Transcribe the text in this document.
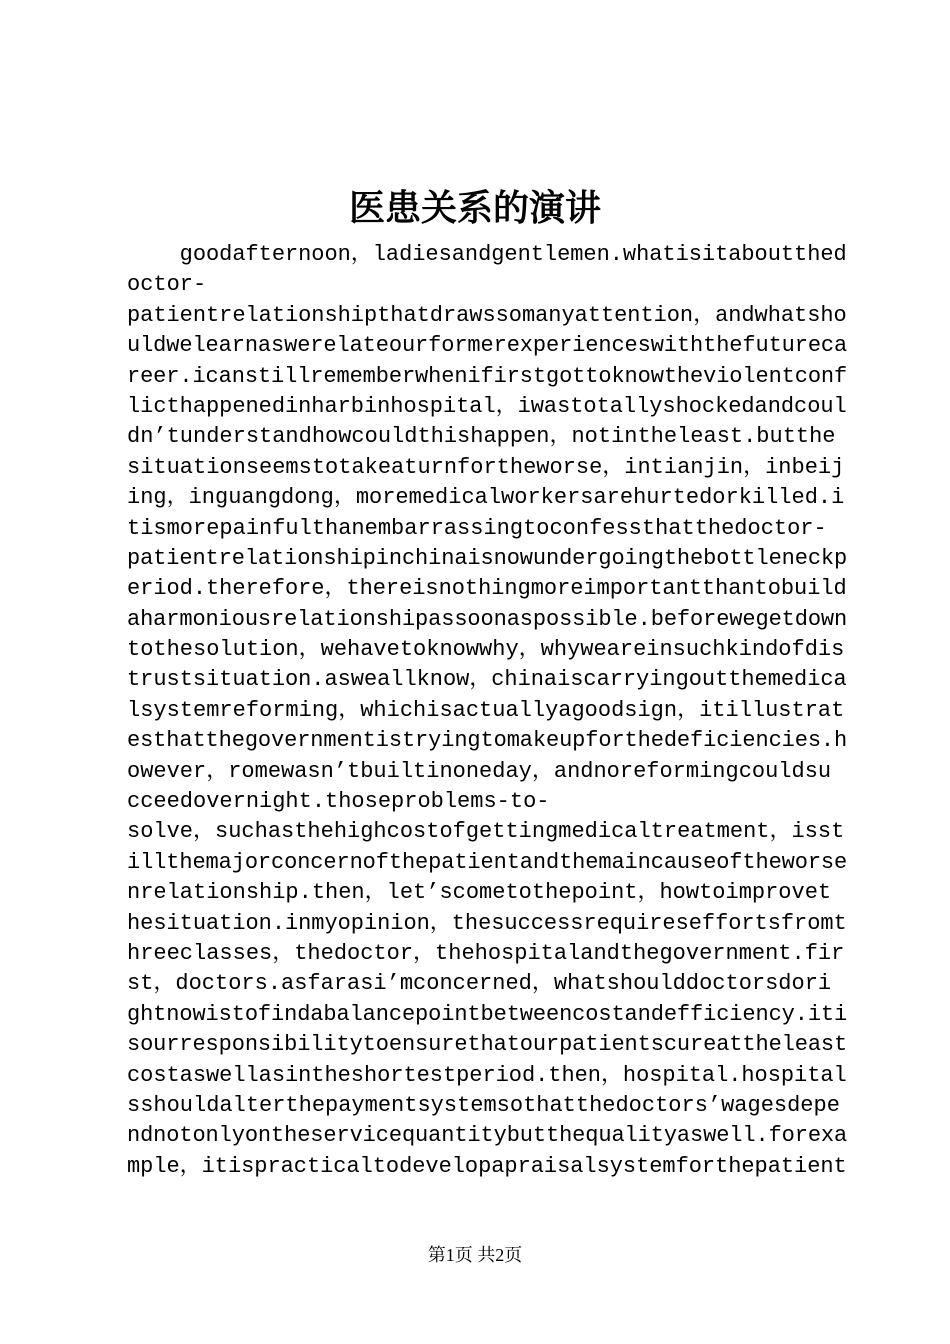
医患关系的演讲
goodafternoon，ladiesandgentlemen.whatisitaboutthed
octor-
patientrelationshipthatdrawssomanyattention，andwhatsho
uldwelearnaswerelateourformerexperienceswiththefutureca
reer.icanstillrememberwhenifirstgottoknowtheviolentconf
licthappenedinharbinhospital，iwastotallyshockedandcoul
dn’tunderstandhowcouldthishappen，notintheleast.butthe
situationseemstotakeaturnfortheworse，intianjin，inbeij
ing，inguangdong，moremedicalworkersarehurtedorkilled.i
tismorepainfulthanembarrassingtoconfessthatthedoctor-
patientrelationshipinchinaisnowundergoingthebottleneckp
eriod.therefore，thereisnothingmoreimportantthantobuild
aharmoniousrelationshipassoonaspossible.beforewegetdown
tothesolution，wehavetoknowwhy，whyweareinsuchkindofdis
trustsituation.asweallknow，chinaiscarryingoutthemedica
lsystemreforming，whichisactuallyagoodsign，itillustrat
esthatthegovernmentistryingtomakeupforthedeficiencies.h
owever，romewasn’tbuiltinoneday，andnoreformingcouldsu
cceedovernight.thoseproblems-to-
solve，suchasthehighcostofgettingmedicaltreatment，isst
illthemajorconcernofthepatientandthemaincauseoftheworse
nrelationship.then，let’scometothepoint，howtoimprovet
hesituation.inmyopinion，thesuccessrequireseffortsfromt
hreeclasses，thedoctor，thehospitalandthegovernment.fir
st，doctors.asfarasi’mconcerned，whatshoulddoctorsdori
ghtnowistofindabalancepointbetweencostandefficiency.iti
sourresponsibilitytoensurethatourpatientscureattheleast
costaswellasintheshortestperiod.then，hospital.hospital
sshouldalterthepaymentsystemsothatthedoctors’wagesdepe
ndnotonlyontheservicequantitybutthequalityaswell.forexa
mple，itispracticaltodevelopapraisalsystemforthepatient
第1页 共2页
